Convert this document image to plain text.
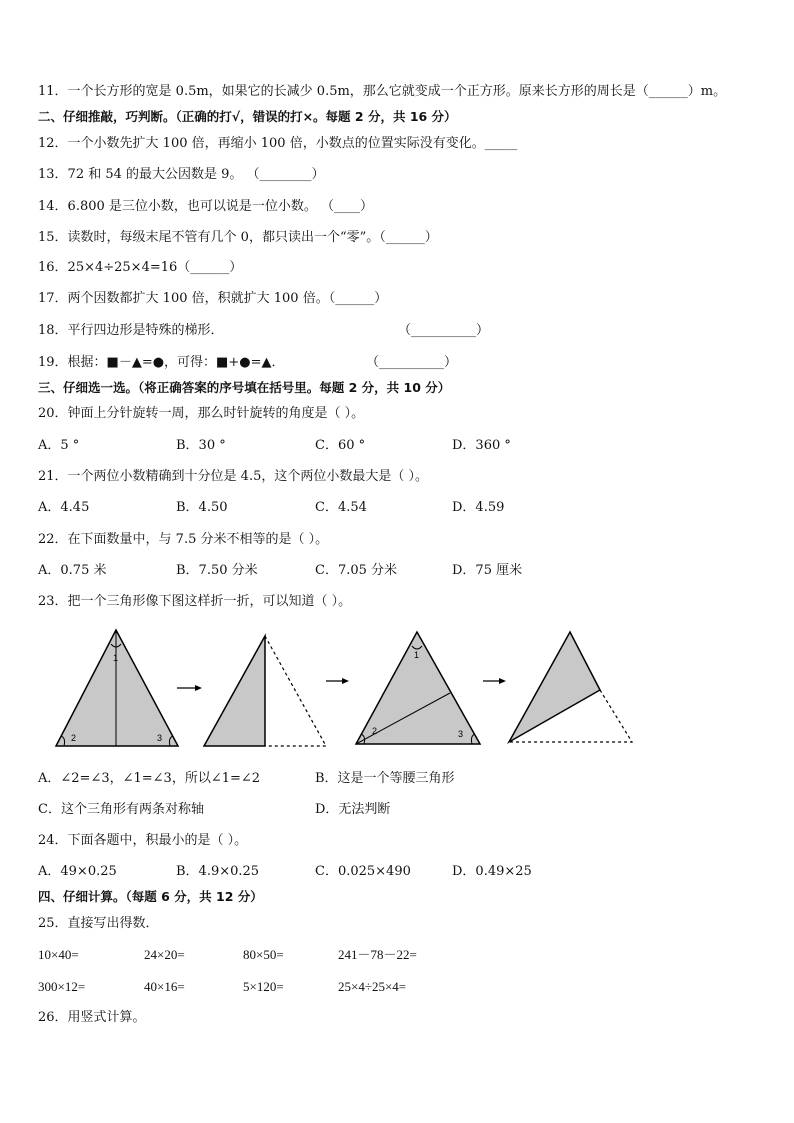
11．一个长方形的宽是 0.5m，如果它的长减少 0.5m，那么它就变成一个正方形。原来长方形的周长是（______）m。
二、仔细推敲，巧判断。（正确的打√，错误的打×。每题 2 分，共 16 分）
12．一个小数先扩大 100 倍，再缩小 100 倍，小数点的位置实际没有变化。_____
13．72 和 54 的最大公因数是 9。 （________）
14．6.800 是三位小数，也可以说是一位小数。 （____）
15．读数时，每级末尾不管有几个 0，都只读出一个“零”。（______）
16．25×4÷25×4=16（______）
17．两个因数都扩大 100 倍，积就扩大 100 倍。（______）
18．平行四边形是特殊的梯形．	（__________）
19．根据：■－▲=●，可得：■+●=▲．	（__________）
三、仔细选一选。（将正确答案的序号填在括号里。每题 2 分，共 10 分）
20．钟面上分针旋转一周，那么时针旋转的角度是（ ）。
A．5 °	B．30 °	C．60 °	D．360 °
21．一个两位小数精确到十分位是 4.5，这个两位小数最大是（ ）。
A．4.45	B．4.50	C．4.54	D．4.59
22．在下面数量中，与 7.5 分米不相等的是（ ）。
A．0.75 米	B．7.50 分米	C．7.05 分米	D．75 厘米
23．把一个三角形像下图这样折一折，可以知道（ ）。
1
2	3
1
2	3
A．∠2=∠3，∠1=∠3，所以∠1=∠2	B．这是一个等腰三角形
C．这个三角形有两条对称轴	D．无法判断
24．下面各题中，积最小的是（ ）。
A．49×0.25	B．4.9×0.25	C．0.025×490	D．0.49×25
四、仔细计算。（每题 6 分，共 12 分）
25．直接写出得数．
10×40=	24×20=	80×50=	241－78－22=
300×12=	40×16=	5×120=	25×4÷25×4=
26．用竖式计算。
